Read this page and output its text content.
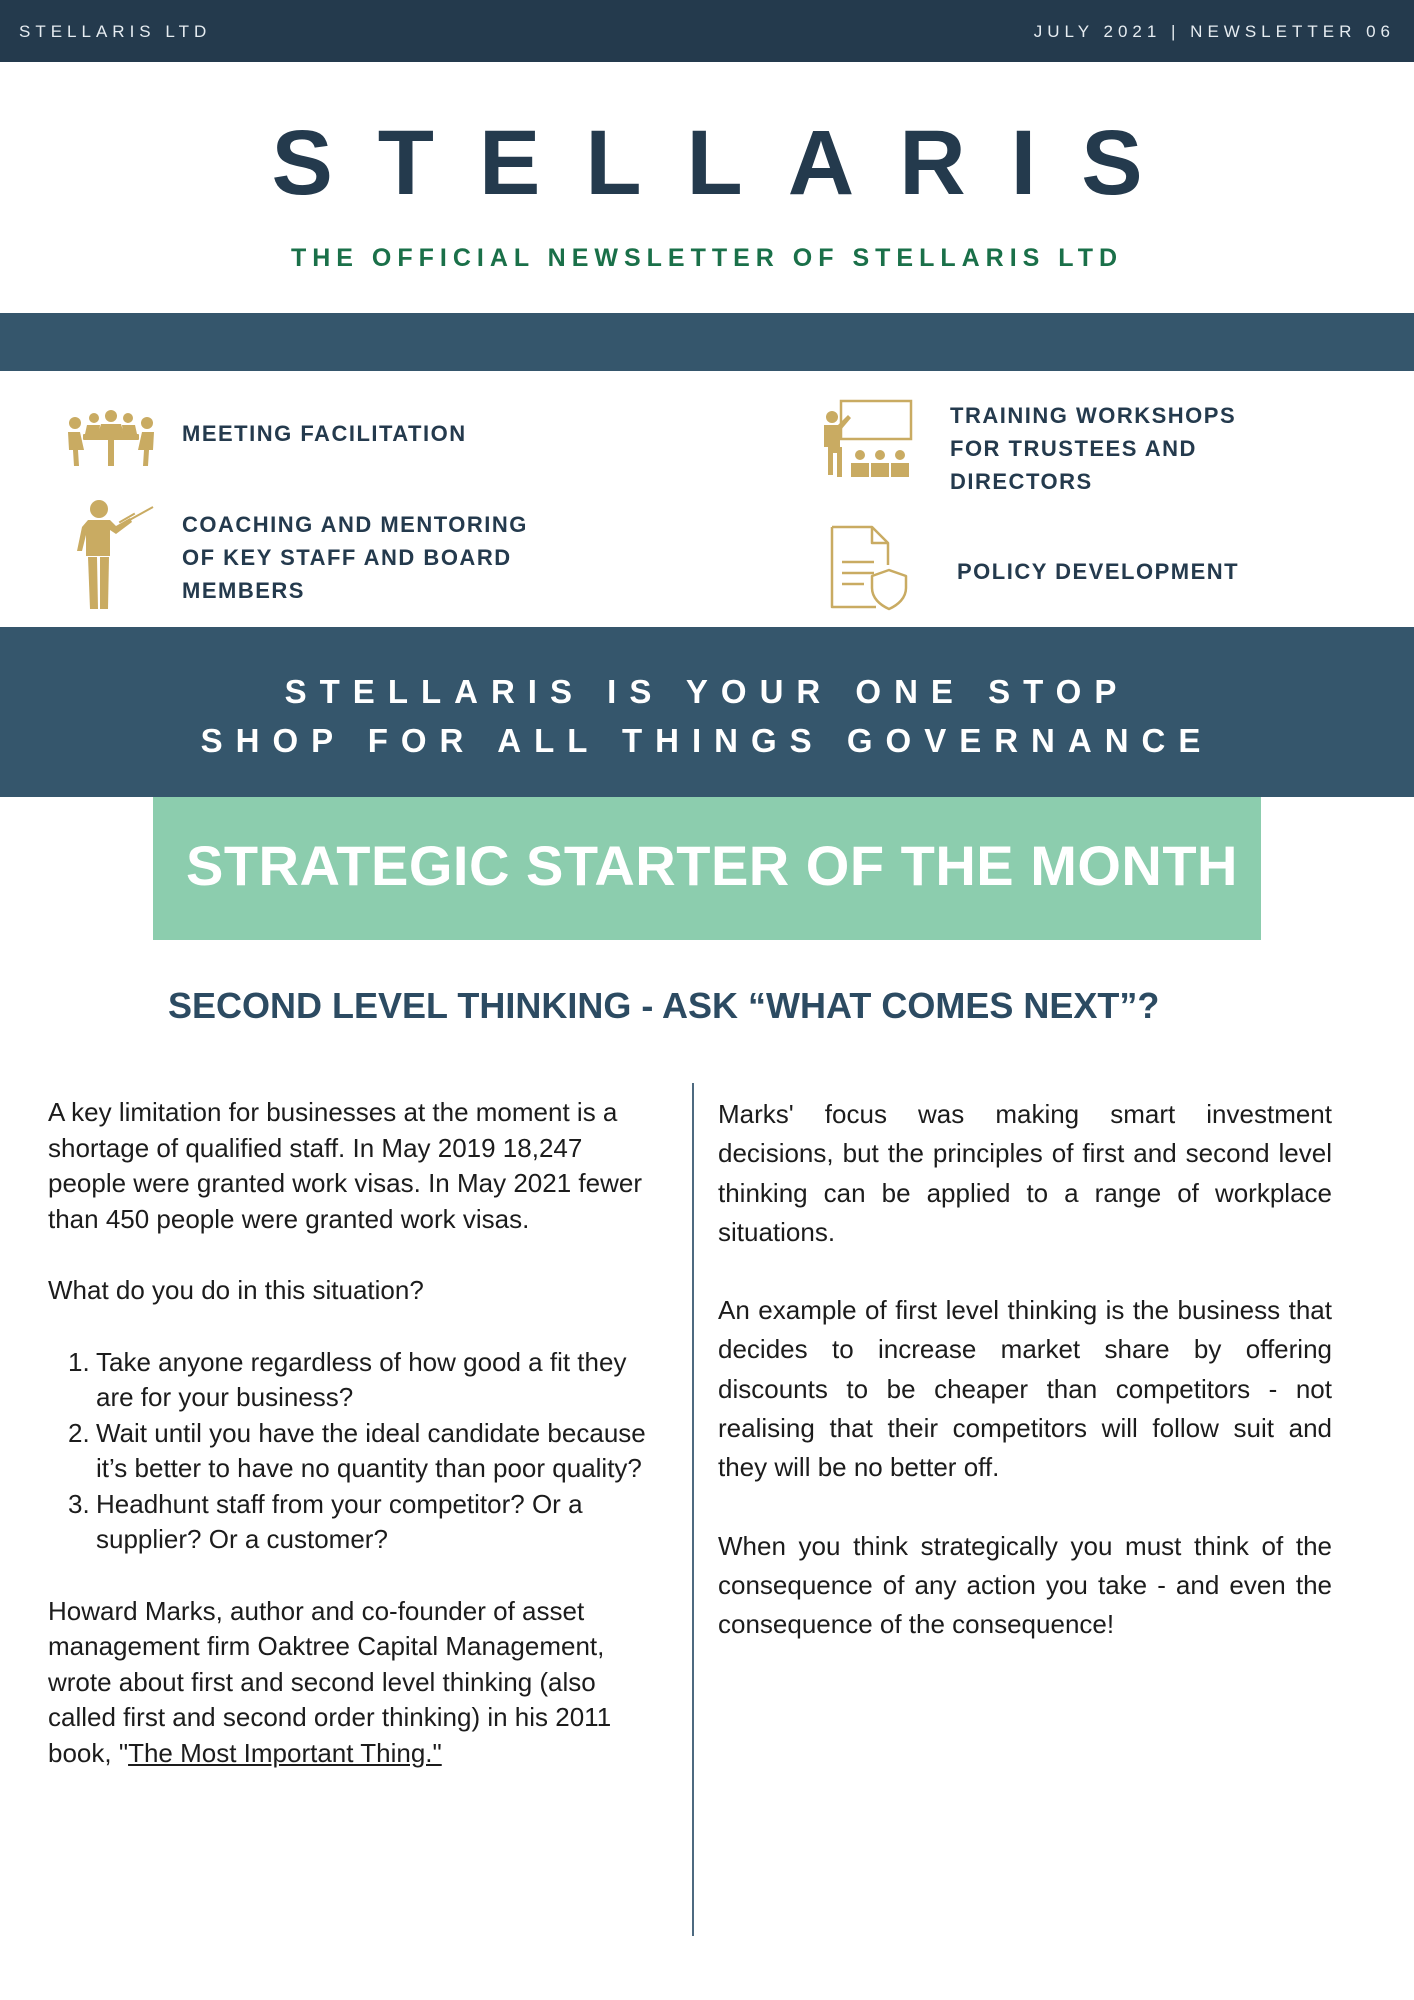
STELLARIS LTD	JULY 2021 | NEWSLETTER 06
STELLARIS
THE OFFICIAL NEWSLETTER OF STELLARIS LTD
MEETING FACILITATION
COACHING AND MENTORING OF KEY STAFF AND BOARD MEMBERS
TRAINING WORKSHOPS FOR TRUSTEES AND DIRECTORS
POLICY DEVELOPMENT
STELLARIS IS YOUR ONE STOP
SHOP FOR ALL THINGS GOVERNANCE
STRATEGIC STARTER OF THE MONTH
SECOND LEVEL THINKING - ASK “WHAT COMES NEXT”?

A key limitation for businesses at the moment is a shortage of qualified staff. In May 2019 18,247 people were granted work visas. In May 2021 fewer than 450 people were granted work visas.

What do you do in this situation?

1. Take anyone regardless of how good a fit they are for your business?
2. Wait until you have the ideal candidate because it’s better to have no quantity than poor quality?
3. Headhunt staff from your competitor? Or a supplier? Or a customer?

Howard Marks, author and co-founder of asset management firm Oaktree Capital Management, wrote about first and second level thinking (also called first and second order thinking) in his 2011 book, "The Most Important Thing."

Marks' focus was making smart investment decisions, but the principles of first and second level thinking can be applied to a range of workplace situations.

An example of first level thinking is the business that decides to increase market share by offering discounts to be cheaper than competitors - not realising that their competitors will follow suit and they will be no better off.

When you think strategically you must think of the consequence of any action you take - and even the consequence of the consequence!
